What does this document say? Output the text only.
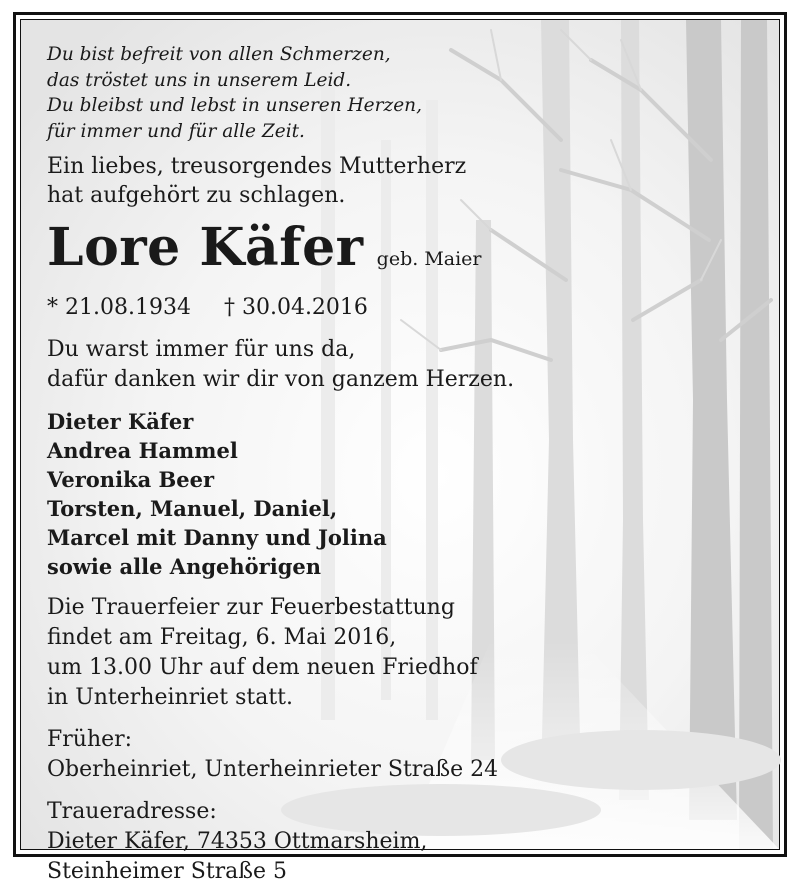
Du bist befreit von allen Schmerzen,
das tröstet uns in unserem Leid.
Du bleibst und lebst in unseren Herzen,
für immer und für alle Zeit.
Ein liebes, treusorgendes Mutterherz
hat aufgehört zu schlagen.
Lore Käfer geb. Maier
* 21.08.1934 † 30.04.2016
Du warst immer für uns da,
dafür danken wir dir von ganzem Herzen.
Dieter Käfer
Andrea Hammel
Veronika Beer
Torsten, Manuel, Daniel,
Marcel mit Danny und Jolina
sowie alle Angehörigen
Die Trauerfeier zur Feuerbestattung
findet am Freitag, 6. Mai 2016,
um 13.00 Uhr auf dem neuen Friedhof
in Unterheinriet statt.
Früher:
Oberheinriet, Unterheinrieter Straße 24
Traueradresse:
Dieter Käfer, 74353 Ottmarsheim,
Steinheimer Straße 5
